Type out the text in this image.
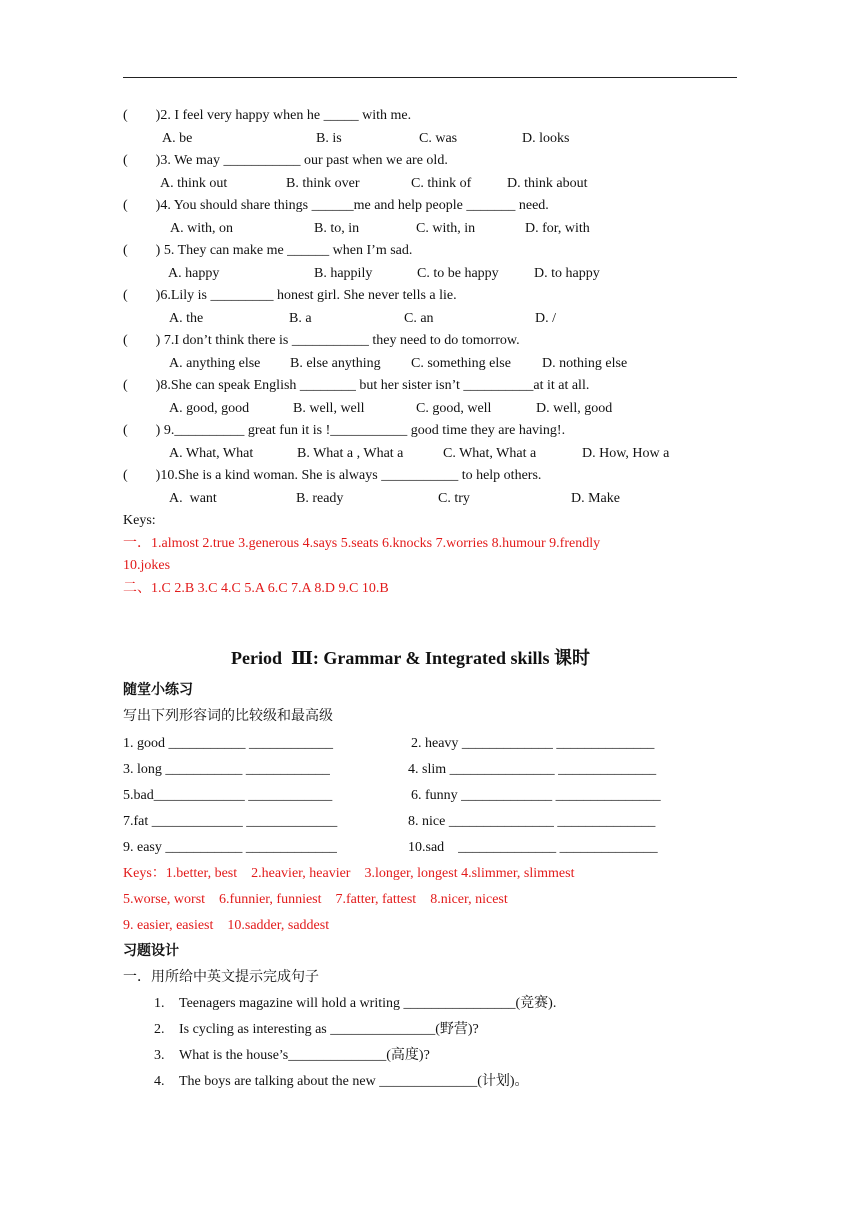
(        )2. I feel very happy when he _____ with me.
A. be	B. is	C. was	D. looks
(        )3. We may ___________ our past when we are old.
A. think out	B. think over	C. think of	D. think about
(        )4. You should share things ______me and help people _______ need.
A. with, on	B. to, in	C. with, in	D. for, with
(        ) 5. They can make me ______ when I’m sad.
A. happy	B. happily	C. to be happy	D. to happy
(        )6.Lily is _________ honest girl. She never tells a lie.
A. the	B. a	C. an	D. /
(        ) 7.I don’t think there is ___________ they need to do tomorrow.
A. anything else B. else anything C. something else D. nothing else
(        )8.She can speak English ________ but her sister isn’t __________at it at all.
A. good, good	B. well, well	C. good, well	D. well, good
(        ) 9.__________ great fun it is !___________ good time they are having!.
A. What, What	B. What a , What a	C. What, What a	D. How, How a
(        )10.She is a kind woman. She is always ___________ to help others.
A.  want	B. ready	C. try	D. Make
Keys:
一．1.almost 2.true 3.generous 4.says 5.seats 6.knocks 7.worries 8.humour 9.frendly
10.jokes
二、1.C 2.B 3.C 4.C 5.A 6.C 7.A 8.D 9.C 10.B
Period  Ⅲ: Grammar & Integrated skills 课时
随堂小练习
写出下列形容词的比较级和最高级
1. good ___________ ____________	2. heavy _____________ ______________
3. long ___________ ____________	4. slim _______________ ______________
5.bad_____________ ____________	6. funny _____________ _______________
7.fat _____________ _____________	8. nice _______________ ______________
9. easy ___________ _____________	10.sad    ______________ ______________
Keys：1.better, best    2.heavier, heavier    3.longer, longest 4.slimmer, slimmest
5.worse, worst    6.funnier, funniest    7.fatter, fattest    8.nicer, nicest
9. easier, easiest    10.sadder, saddest
习题设计
一．用所给中英文提示完成句子
1. Teenagers magazine will hold a writing ________________(竞赛).
2. Is cycling as interesting as _______________(野营)?
3. What is the house’s______________(高度)?
4. The boys are talking about the new ______________(计划)。
